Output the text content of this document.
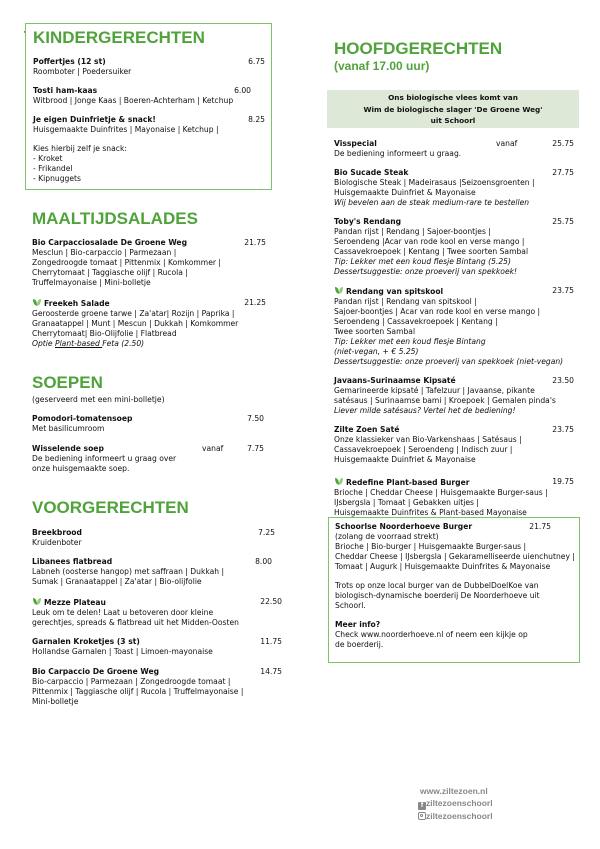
· KINDERGERECHTEN
Poffertjes (12 st)	6.75
Roomboter | Poedersuiker
Tosti ham-kaas	6.00
Witbrood | Jonge Kaas | Boeren-Achterham | Ketchup
Je eigen Duinfrietje & snack!	8.25
Huisgemaakte Duinfrites | Mayonaise | Ketchup |
Kies hierbij zelf je snack:
- Kroket
- Frikandel
- Kipnuggets
MAALTIJDSALADES
Bio Carpacciosalade De Groene Weg	21.75
Mesclun | Bio-carpaccio | Parmezaan |
Zongedroogde tomaat | Pittenmix | Komkommer |
Cherrytomaat | Taggiasche olijf | Rucola |
Truffelmayonaise | Mini-bolletje
Freekeh Salade	21.25
Geroosterde groene tarwe | Za'atar| Rozijn | Paprika |
Granaatappel | Munt | Mescun | Dukkah | Komkommer
Cherrytomaat| Bio-Olijfolie | Flatbread
Optie Plant-based Feta (2.50)
SOEPEN
(geserveerd met een mini-bolletje)
Pomodori-tomatensoep	7.50
Met basilicumroom
Wisselende soep	vanaf	7.75
De bediening informeert u graag over
onze huisgemaakte soep.
VOORGERECHTEN
Breekbrood	7.25
Kruidenboter
Libanees flatbread	8.00
Labneh (oosterse hangop) met saffraan | Dukkah |
Sumak | Granaatappel | Za'atar | Bio-olijfolie
Mezze Plateau	22.50
Leuk om te delen! Laat u betoveren door kleine
gerechtjes, spreads & flatbread uit het Midden-Oosten
Garnalen Kroketjes (3 st)	11.75
Hollandse Garnalen | Toast | Limoen-mayonaise
Bio Carpaccio De Groene Weg	14.75
Bio-carpaccio | Parmezaan | Zongedroogde tomaat |
Pittenmix | Taggiasche olijf | Rucola | Truffelmayonaise |
Mini-bolletje
HOOFDGERECHTEN
(vanaf 17.00 uur)
Ons biologische vlees komt van
Wim de biologische slager 'De Groene Weg'
uit Schoorl
Visspecial	vanaf	25.75
De bediening informeert u graag.
Bio Sucade Steak	27.75
Biologische Steak | Madeirasaus |Seizoensgroenten |
Huisgemaakte Duinfriet & Mayonaise
Wij bevelen aan de steak medium-rare te bestellen
Toby's Rendang	25.75
Pandan rijst | Rendang | Sajoer-boontjes |
Seroendeng |Acar van rode kool en verse mango |
Cassavekroepoek | Kentang | Twee soorten Sambal
Tip: Lekker met een koud flesje Bintang (5.25)
Dessertsuggestie: onze proeverij van spekkoek!
Rendang van spitskool	23.75
Pandan rijst | Rendang van spitskool |
Sajoer-boontjes | Acar van rode kool en verse mango |
Seroendeng | Cassavekroepoek | Kentang |
Twee soorten Sambal
Tip: Lekker met een koud flesje Bintang
(niet-vegan, + € 5.25)
Dessertsuggestie: onze proeverij van spekkoek (niet-vegan)
Javaans-Surinaamse Kipsaté	23.50
Gemarineerde kipsaté | Tafelzuur | Javaanse, pikante
satésaus | Surinaamse bami | Kroepoek | Gemalen pinda's
Liever milde satésaus? Vertel het de bediening!
Zilte Zoen Saté	23.75
Onze klassieker van Bio-Varkenshaas | Satésaus |
Cassavekroepoek | Seroendeng | Indisch zuur |
Huisgemaakte Duinfriet & Mayonaise
Redefine Plant-based Burger	19.75
Brioche | Cheddar Cheese | Huisgemaakte Burger-saus |
IJsbergsla | Tomaat | Gebakken uitjes |
Huisgemaakte Duinfrites & Plant-based Mayonaise
Schoorlse Noorderhoeve Burger	21.75
(zolang de voorraad strekt)
Brioche | Bio-burger | Huisgemaakte Burger-saus |
Cheddar Cheese | IJsbergsla | Gekaramelliseerde uienchutney |
Tomaat | Augurk | Huisgemaakte Duinfrites & Mayonaise
Trots op onze local burger van de DubbelDoelKoe van
biologisch-dynamische boerderij De Noorderhoeve uit
Schoorl.
Meer info?
Check www.noorderhoeve.nl of neem een kijkje op
de boerderij.
www.ziltezoen.nl
f ziltezoenschoorl
ziltezoenschoorl
